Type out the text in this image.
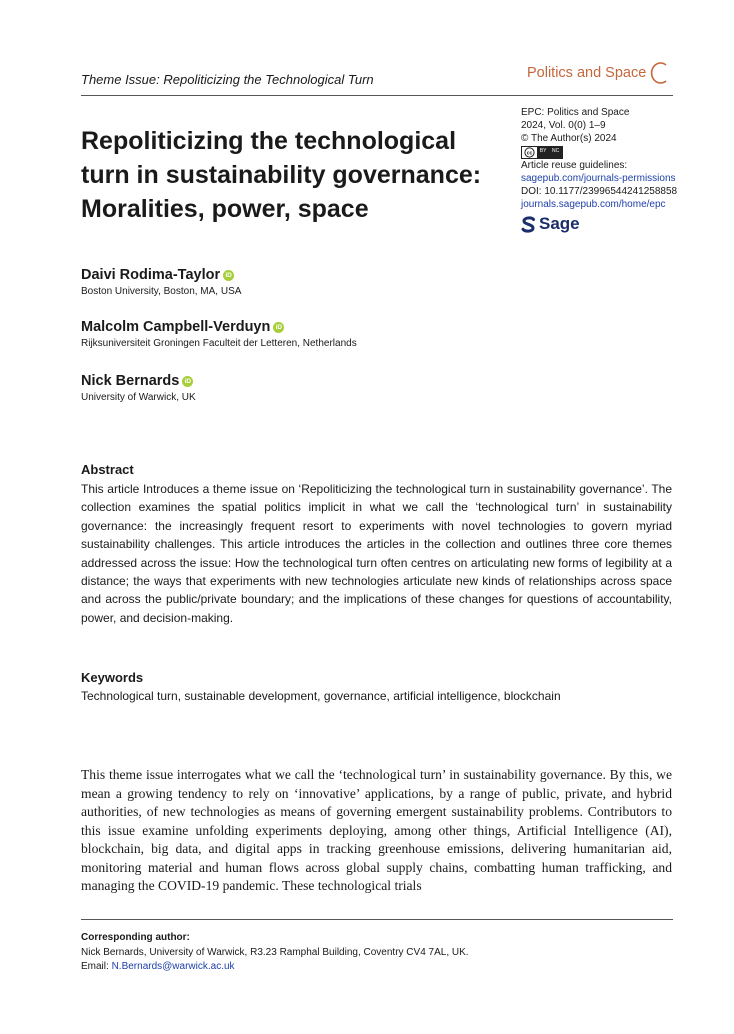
Theme Issue: Repoliticizing the Technological Turn	Politics and Space
Repoliticizing the technological turn in sustainability governance: Moralities, power, space
EPC: Politics and Space
2024, Vol. 0(0) 1–9
© The Author(s) 2024
cc
BY NC
Article reuse guidelines:
sagepub.com/journals-permissions
DOI: 10.1177/23996544241258858
journals.sagepub.com/home/epc
Sage
Daivi Rodima-Taylor iD
Boston University, Boston, MA, USA
Malcolm Campbell-Verduyn iD
Rijksuniversiteit Groningen Faculteit der Letteren, Netherlands
Nick Bernards iD
University of Warwick, UK
Abstract

This article Introduces a theme issue on ‘Repoliticizing the technological turn in sustainability governance’. The collection examines the spatial politics implicit in what we call the ‘technological turn’ in sustainability governance: the increasingly frequent resort to experiments with novel technologies to govern myriad sustainability challenges. This article introduces the articles in the collection and outlines three core themes addressed across the issue: How the technological turn often centres on articulating new forms of legibility at a distance; the ways that experiments with new technologies articulate new kinds of relationships across space and across the public/private boundary; and the implications of these changes for questions of accountability, power, and decision-making.

Keywords

Technological turn, sustainable development, governance, artificial intelligence, blockchain

This theme issue interrogates what we call the ‘technological turn’ in sustainability governance. By this, we mean a growing tendency to rely on ‘innovative’ applications, by a range of public, private, and hybrid authorities, of new technologies as means of governing emergent sustainability problems. Contributors to this issue examine unfolding experiments deploying, among other things, Artificial Intelligence (AI), blockchain, big data, and digital apps in tracking greenhouse emissions, delivering humanitarian aid, monitoring material and human flows across global supply chains, combatting human trafficking, and managing the COVID-19 pandemic. These technological trials

Corresponding author:
Nick Bernards, University of Warwick, R3.23 Ramphal Building, Coventry CV4 7AL, UK.
Email: N.Bernards@warwick.ac.uk
